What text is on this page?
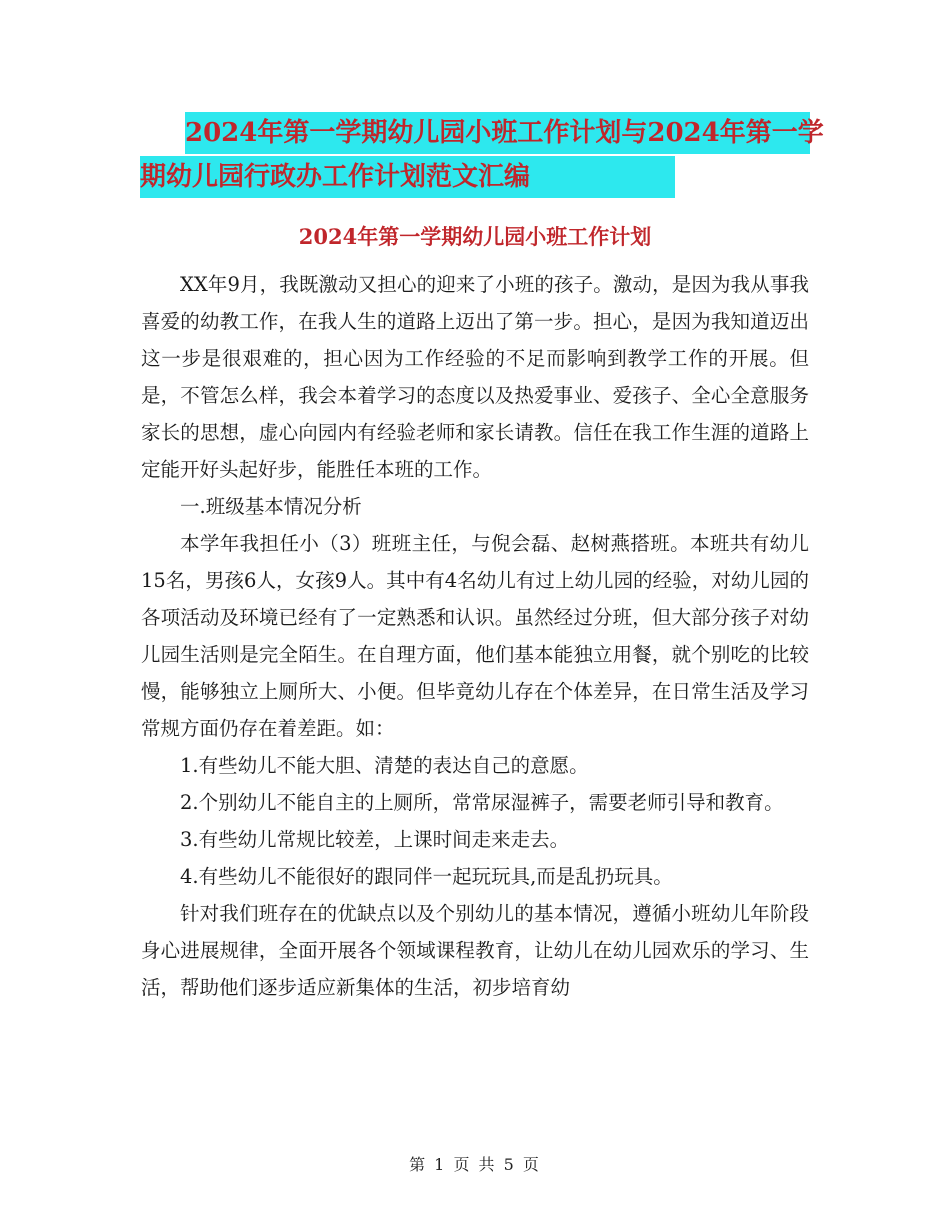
2024年第一学期幼儿园小班工作计划与2024年第一学
期幼儿园行政办工作计划范文汇编
2024年第一学期幼儿园小班工作计划

XX年9月，我既激动又担心的迎来了小班的孩子。激动，是因为我从事我喜爱的幼教工作，在我人生的道路上迈出了第一步。担心，是因为我知道迈出这一步是很艰难的，担心因为工作经验的不足而影响到教学工作的开展。但是，不管怎么样，我会本着学习的态度以及热爱事业、爱孩子、全心全意服务家长的思想，虚心向园内有经验老师和家长请教。信任在我工作生涯的道路上定能开好头起好步，能胜任本班的工作。

一.班级基本情况分析

本学年我担任小（3）班班主任，与倪会磊、赵树燕搭班。本班共有幼儿15名，男孩6人，女孩9人。其中有4名幼儿有过上幼儿园的经验，对幼儿园的各项活动及环境已经有了一定熟悉和认识。虽然经过分班，但大部分孩子对幼儿园生活则是完全陌生。在自理方面，他们基本能独立用餐，就个别吃的比较慢，能够独立上厕所大、小便。但毕竟幼儿存在个体差异，在日常生活及学习常规方面仍存在着差距。如：

1.有些幼儿不能大胆、清楚的表达自己的意愿。

2.个别幼儿不能自主的上厕所，常常尿湿裤子，需要老师引导和教育。

3.有些幼儿常规比较差，上课时间走来走去。

4.有些幼儿不能很好的跟同伴一起玩玩具,而是乱扔玩具。

针对我们班存在的优缺点以及个别幼儿的基本情况，遵循小班幼儿年阶段身心进展规律，全面开展各个领域课程教育，让幼儿在幼儿园欢乐的学习、生活，帮助他们逐步适应新集体的生活，初步培育幼

第 1 页 共 5 页
